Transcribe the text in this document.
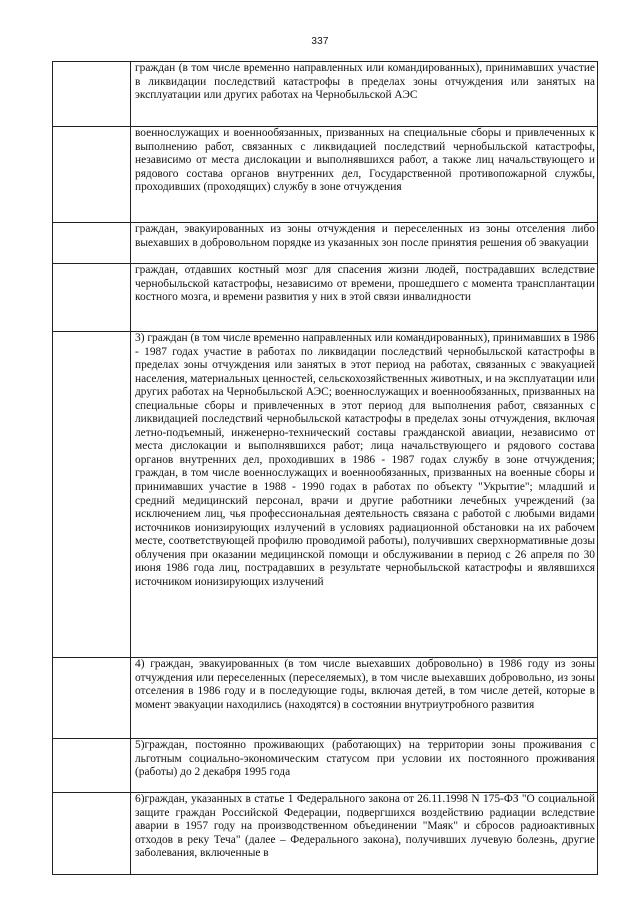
337

	граждан (в том числе временно направленных или командированных), принимавших участие в ликвидации последствий катастрофы в пределах зоны отчуждения или занятых на эксплуатации или других работах на Чернобыльской АЭС

	военнослужащих и военнообязанных, призванных на специальные сборы и привлеченных к выполнению работ, связанных с ликвидацией последствий чернобыльской катастрофы, независимо от места дислокации и выполнявшихся работ, а также лиц начальствующего и рядового состава органов внутренних дел, Государственной противопожарной службы, проходивших (проходящих) службу в зоне отчуждения

	граждан, эвакуированных из зоны отчуждения и переселенных из зоны отселения либо выехавших в добровольном порядке из указанных зон после принятия решения об эвакуации

	граждан, отдавших костный мозг для спасения жизни людей, пострадавших вследствие чернобыльской катастрофы, независимо от времени, прошедшего с момента трансплантации костного мозга, и времени развития у них в этой связи инвалидности

	3) граждан (в том числе временно направленных или командированных), принимавших в 1986 - 1987 годах участие в работах по ликвидации последствий чернобыльской катастрофы в пределах зоны отчуждения или занятых в этот период на работах, связанных с эвакуацией населения, материальных ценностей, сельскохозяйственных животных, и на эксплуатации или других работах на Чернобыльской АЭС; военнослужащих и военнообязанных, призванных на специальные сборы и привлеченных в этот период для выполнения работ, связанных с ликвидацией последствий чернобыльской катастрофы в пределах зоны отчуждения, включая летно-подъемный, инженерно-технический составы гражданской авиации, независимо от места дислокации и выполнявшихся работ; лица начальствующего и рядового состава органов внутренних дел, проходивших в 1986 - 1987 годах службу в зоне отчуждения; граждан, в том числе военнослужащих и военнообязанных, призванных на военные сборы и принимавших участие в 1988 - 1990 годах в работах по объекту "Укрытие"; младший и средний медицинский персонал, врачи и другие работники лечебных учреждений (за исключением лиц, чья профессиональная деятельность связана с работой с любыми видами источников ионизирующих излучений в условиях радиационной обстановки на их рабочем месте, соответствующей профилю проводимой работы), получивших сверхнормативные дозы облучения при оказании медицинской помощи и обслуживании в период с 26 апреля по 30 июня 1986 года лиц, пострадавших в результате чернобыльской катастрофы и являвшихся источником ионизирующих излучений

	4) граждан, эвакуированных (в том числе выехавших добровольно) в 1986 году из зоны отчуждения или переселенных (переселяемых), в том числе выехавших добровольно, из зоны отселения в 1986 году и в последующие годы, включая детей, в том числе детей, которые в момент эвакуации находились (находятся) в состоянии внутриутробного развития

	5)граждан, постоянно проживающих (работающих) на территории зоны проживания с льготным социально-экономическим статусом при условии их постоянного проживания (работы) до 2 декабря 1995 года

	6)граждан, указанных в статье 1 Федерального закона от 26.11.1998 N 175-ФЗ "О социальной защите граждан Российской Федерации, подвергшихся воздействию радиации вследствие аварии в 1957 году на производственном объединении "Маяк" и сбросов радиоактивных отходов в реку Теча" (далее – Федерального закона), получивших лучевую болезнь, другие заболевания, включенные в
